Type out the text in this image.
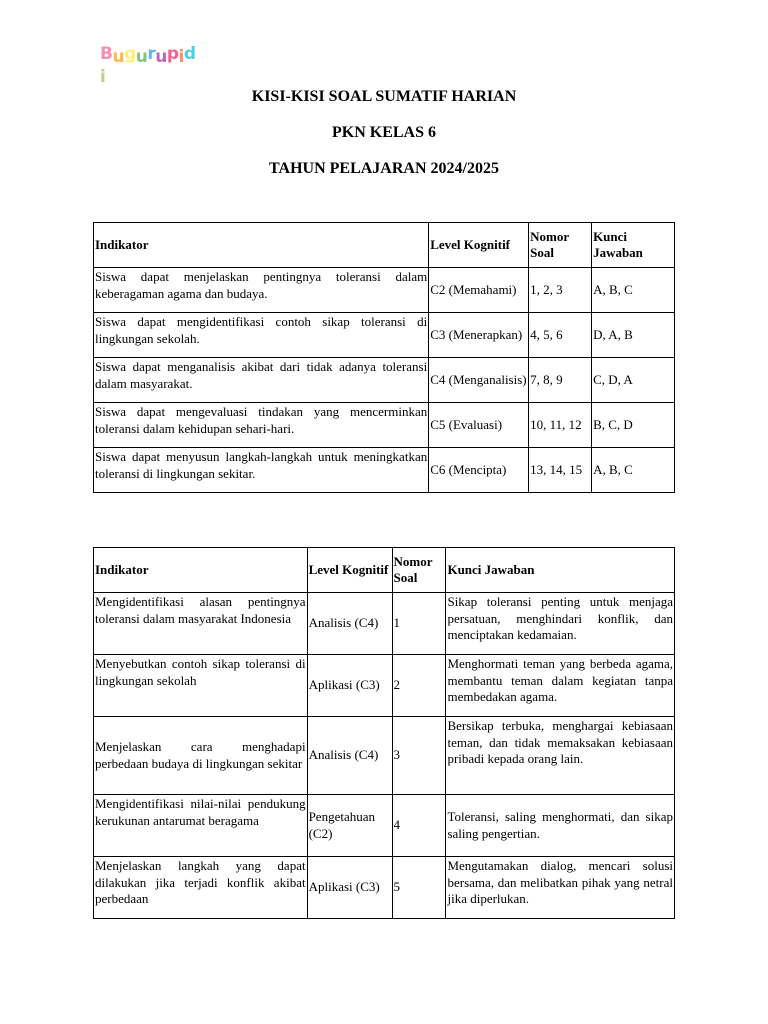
Bugurupidi
KISI-KISI SOAL SUMATIF HARIAN
PKN KELAS 6
TAHUN PELAJARAN 2024/2025
Indikator	Level Kognitif	Nomor Soal	Kunci Jawaban
Siswa dapat menjelaskan pentingnya toleransi dalam keberagaman agama dan budaya.	C2 (Memahami)	1, 2, 3	A, B, C
Siswa dapat mengidentifikasi contoh sikap toleransi di lingkungan sekolah.	C3 (Menerapkan)	4, 5, 6	D, A, B
Siswa dapat menganalisis akibat dari tidak adanya toleransi dalam masyarakat.	C4 (Menganalisis)	7, 8, 9	C, D, A
Siswa dapat mengevaluasi tindakan yang mencerminkan toleransi dalam kehidupan sehari-hari.	C5 (Evaluasi)	10, 11, 12	B, C, D
Siswa dapat menyusun langkah-langkah untuk meningkatkan toleransi di lingkungan sekitar.	C6 (Mencipta)	13, 14, 15	A, B, C
Indikator	Level Kognitif	Nomor Soal	Kunci Jawaban
Mengidentifikasi alasan pentingnya toleransi dalam masyarakat Indonesia	Analisis (C4)	1	Sikap toleransi penting untuk menjaga persatuan, menghindari konflik, dan menciptakan kedamaian.
Menyebutkan contoh sikap toleransi di lingkungan sekolah	Aplikasi (C3)	2	Menghormati teman yang berbeda agama, membantu teman dalam kegiatan tanpa membedakan agama.
Menjelaskan cara menghadapi perbedaan budaya di lingkungan sekitar	Analisis (C4)	3	Bersikap terbuka, menghargai kebiasaan teman, dan tidak memaksakan kebiasaan pribadi kepada orang lain.
Mengidentifikasi nilai-nilai pendukung kerukunan antarumat beragama	Pengetahuan (C2)	4	Toleransi, saling menghormati, dan sikap saling pengertian.
Menjelaskan langkah yang dapat dilakukan jika terjadi konflik akibat perbedaan	Aplikasi (C3)	5	Mengutamakan dialog, mencari solusi bersama, dan melibatkan pihak yang netral jika diperlukan.
